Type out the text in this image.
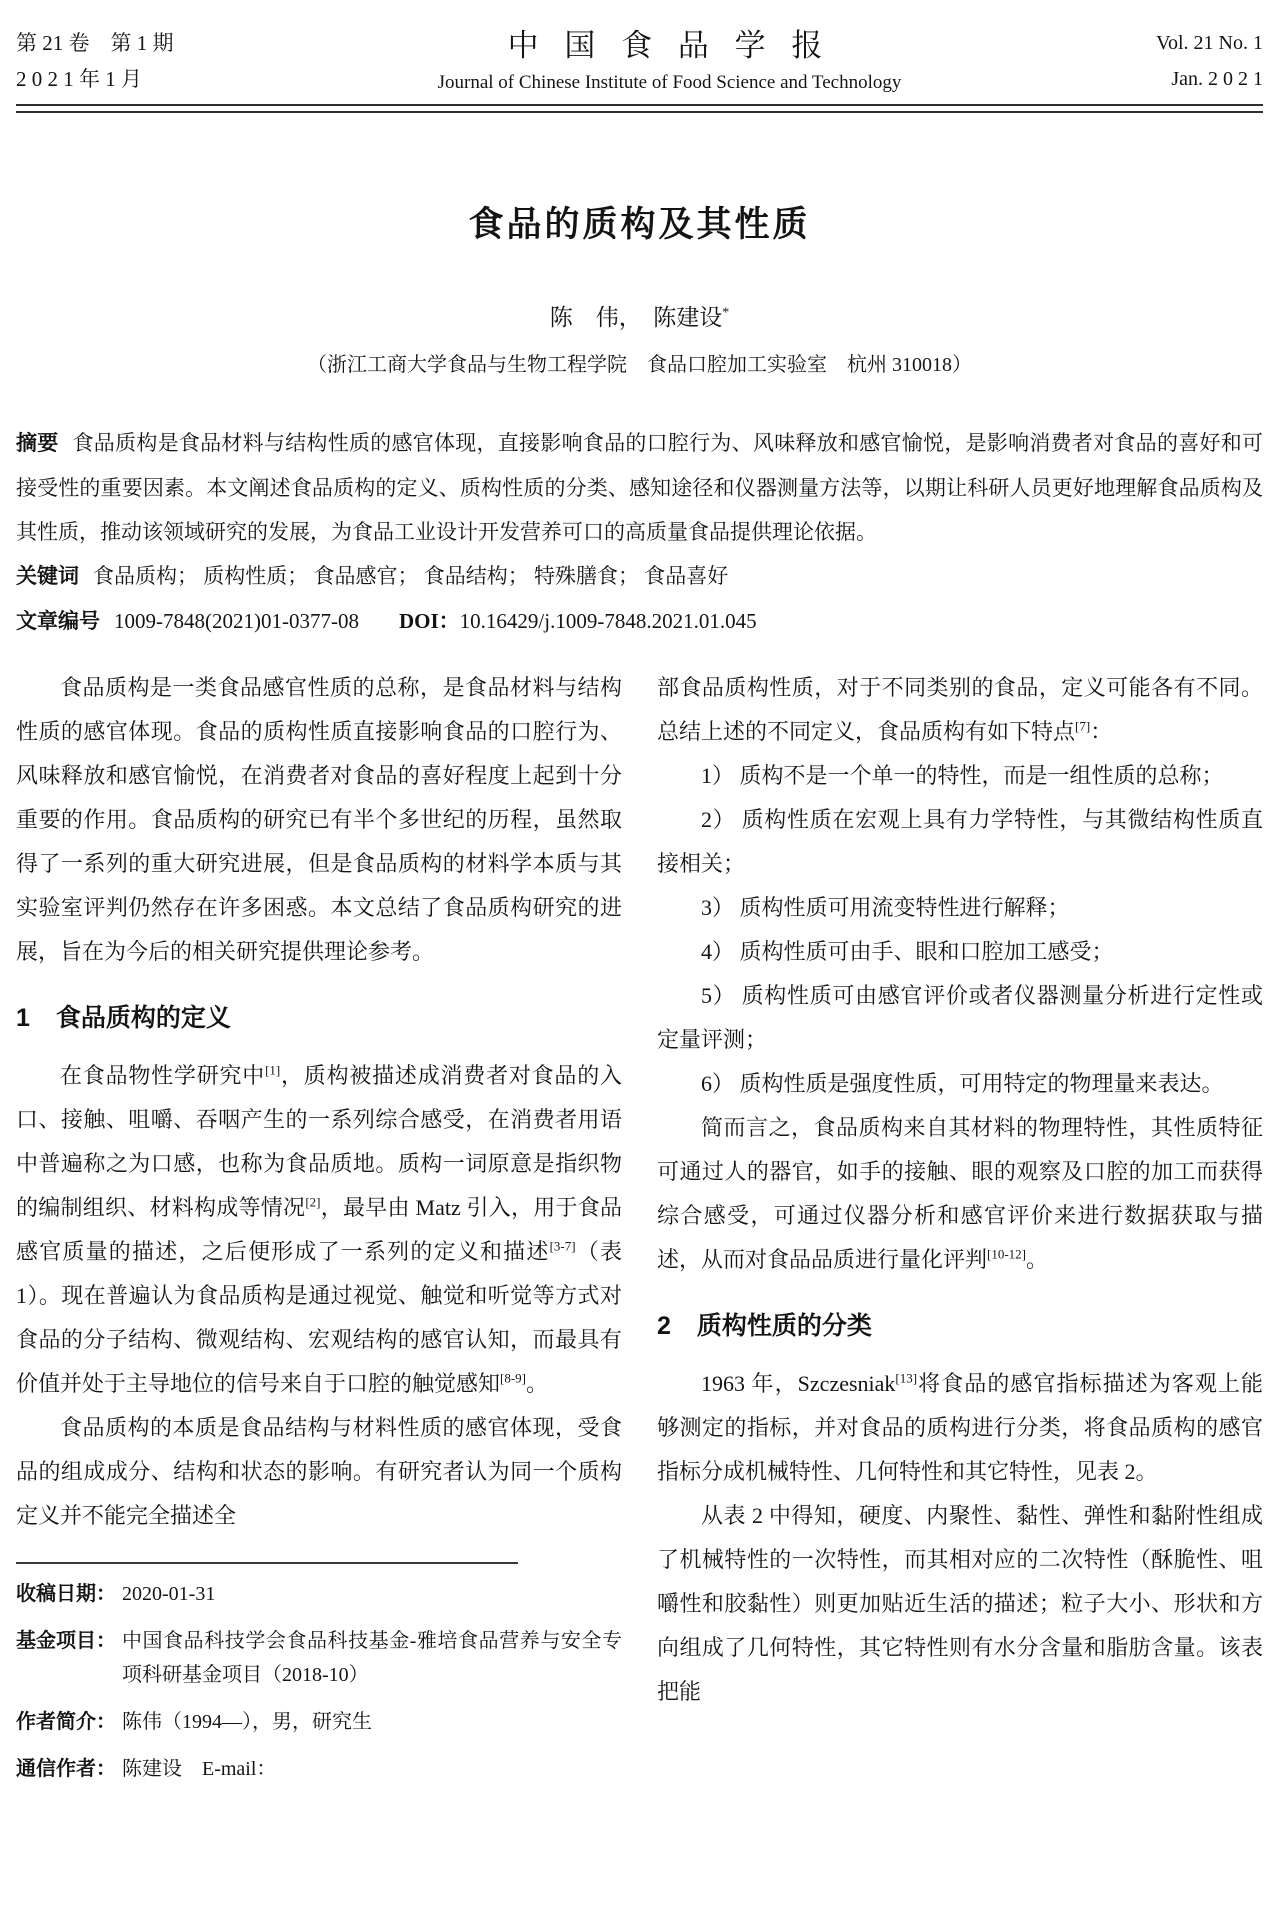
第 21 卷　第 1 期
2 0 2 1 年 1 月
中 国 食 品 学 报
Journal of Chinese Institute of Food Science and Technology
Vol. 21 No. 1
Jan. 2 0 2 1
食品的质构及其性质
陈　伟，　陈建设*
（浙江工商大学食品与生物工程学院　食品口腔加工实验室　杭州 310018）

摘要 食品质构是食品材料与结构性质的感官体现，直接影响食品的口腔行为、风味释放和感官愉悦，是影响消费者对食品的喜好和可接受性的重要因素。本文阐述食品质构的定义、质构性质的分类、感知途径和仪器测量方法等，以期让科研人员更好地理解食品质构及其性质，推动该领域研究的发展，为食品工业设计开发营养可口的高质量食品提供理论依据。

关键词 食品质构； 质构性质； 食品感官； 食品结构； 特殊膳食； 食品喜好

文章编号 1009-7848(2021)01-0377-08 DOI：10.16429/j.1009-7848.2021.01.045

食品质构是一类食品感官性质的总称，是食品材料与结构性质的感官体现。食品的质构性质直接影响食品的口腔行为、风味释放和感官愉悦，在消费者对食品的喜好程度上起到十分重要的作用。食品质构的研究已有半个多世纪的历程，虽然取得了一系列的重大研究进展，但是食品质构的材料学本质与其实验室评判仍然存在许多困惑。本文总结了食品质构研究的进展，旨在为今后的相关研究提供理论参考。

1 食品质构的定义

在食品物性学研究中[1]，质构被描述成消费者对食品的入口、接触、咀嚼、吞咽产生的一系列综合感受，在消费者用语中普遍称之为口感，也称为食品质地。质构一词原意是指织物的编制组织、材料构成等情况[2]，最早由 Matz 引入，用于食品感官质量的描述，之后便形成了一系列的定义和描述[3-7]（表 1）。现在普遍认为食品质构是通过视觉、触觉和听觉等方式对食品的分子结构、微观结构、宏观结构的感官认知，而最具有价值并处于主导地位的信号来自于口腔的触觉感知[8-9]。

食品质构的本质是食品结构与材料性质的感官体现，受食品的组成成分、结构和状态的影响。有研究者认为同一个质构定义并不能完全描述全

收稿日期： 2020-01-31
基金项目： 中国食品科技学会食品科技基金-雅培食品营养与安全专项科研基金项目（2018-10）
作者简介： 陈伟（1994—），男，研究生
通信作者： 陈建设　E-mail：

部食品质构性质，对于不同类别的食品，定义可能各有不同。总结上述的不同定义，食品质构有如下特点[7]：

1） 质构不是一个单一的特性，而是一组性质的总称；

2） 质构性质在宏观上具有力学特性，与其微结构性质直接相关；

3） 质构性质可用流变特性进行解释；

4） 质构性质可由手、眼和口腔加工感受；

5） 质构性质可由感官评价或者仪器测量分析进行定性或定量评测；

6） 质构性质是强度性质，可用特定的物理量来表达。

简而言之，食品质构来自其材料的物理特性，其性质特征可通过人的器官，如手的接触、眼的观察及口腔的加工而获得综合感受，可通过仪器分析和感官评价来进行数据获取与描述，从而对食品品质进行量化评判[10-12]。

2 质构性质的分类

1963 年，Szczesniak[13]将食品的感官指标描述为客观上能够测定的指标，并对食品的质构进行分类，将食品质构的感官指标分成机械特性、几何特性和其它特性，见表 2。

从表 2 中得知，硬度、内聚性、黏性、弹性和黏附性组成了机械特性的一次特性，而其相对应的二次特性（酥脆性、咀嚼性和胶黏性）则更加贴近生活的描述；粒子大小、形状和方向组成了几何特性，其它特性则有水分含量和脂肪含量。该表把能
